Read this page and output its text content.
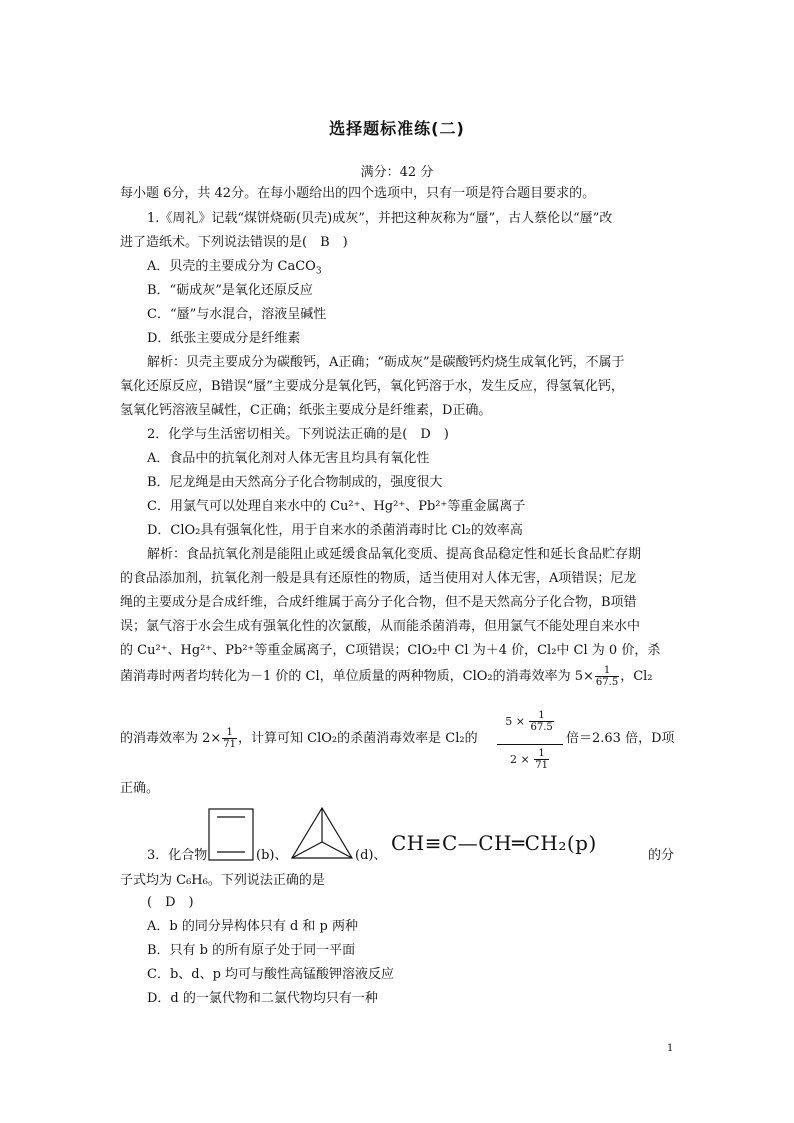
选择题标准练(二)
满分：42 分
每小题 6分，共 42分。在每小题给出的四个选项中，只有一项是符合题目要求的。
1.《周礼》记载“煤饼烧砺(贝壳)成灰”，并把这种灰称为“蜃”，古人蔡伦以“蜃”改
进了造纸术。下列说法错误的是(　B　)
A．贝壳的主要成分为 CaCO$_3$
B．“砺成灰”是氧化还原反应
C．“蜃”与水混合，溶液呈碱性
D．纸张主要成分是纤维素
解析：贝壳主要成分为碳酸钙，A正确；“砺成灰”是碳酸钙灼烧生成氧化钙，不属于
氧化还原反应，B错误“蜃”主要成分是氧化钙，氧化钙溶于水，发生反应，得氢氧化钙，
氢氧化钙溶液呈碱性，C正确；纸张主要成分是纤维素，D正确。
2．化学与生活密切相关。下列说法正确的是(　D　)
A．食品中的抗氧化剂对人体无害且均具有氧化性
B．尼龙绳是由天然高分子化合物制成的，强度很大
C．用氯气可以处理自来水中的 Cu²⁺、Hg²⁺、Pb²⁺等重金属离子
D．ClO₂具有强氧化性，用于自来水的杀菌消毒时比 Cl₂的效率高
解析：食品抗氧化剂是能阻止或延缓食品氧化变质、提高食品稳定性和延长食品贮存期
的食品添加剂，抗氧化剂一般是具有还原性的物质，适当使用对人体无害，A项错误；尼龙
绳的主要成分是合成纤维，合成纤维属于高分子化合物，但不是天然高分子化合物，B项错
误；氯气溶于水会生成有强氧化性的次氯酸，从而能杀菌消毒，但用氯气不能处理自来水中
的 Cu²⁺、Hg²⁺、Pb²⁺等重金属离子，C项错误；ClO₂中 Cl 为＋4 价，Cl₂中 Cl 为 0 价，杀
菌消毒时两者均转化为－1 价的 Cl，单位质量的两种物质，ClO₂的消毒效率为 $5\times \frac{1}{67.5}$ ，Cl₂
的消毒效率为 $2\times \frac{1}{71}$ ，计算可知 ClO₂的杀菌消毒效率是 Cl₂的
$5 \times \frac{1}{67.5}$
$2 \times \frac{1}{71}$
倍＝2.63 倍，D项
正确。
3．化合物	(b)、	(d)、
CH≡C—CH═CH₂(p)
的分
子式均为 C₆H₆。下列说法正确的是
(　D　)
A．b 的同分异构体只有 d 和 p 两种
B．只有 b 的所有原子处于同一平面
C．b、d、p 均可与酸性高锰酸钾溶液反应
D．d 的一氯代物和二氯代物均只有一种
1
